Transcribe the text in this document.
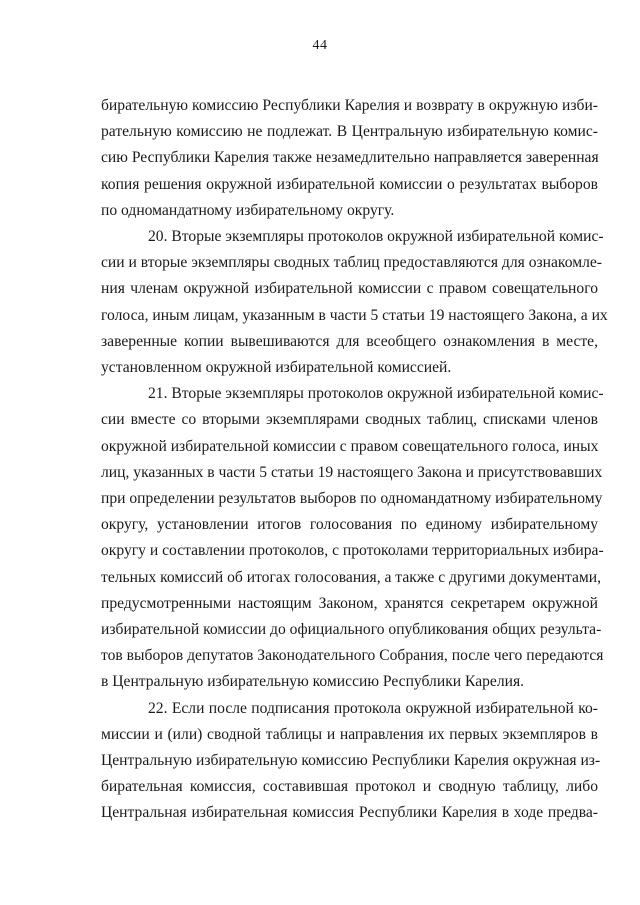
44
бирательную комиссию Республики Карелия и возврату в окружную изби-
рательную комиссию не подлежат. В Центральную избирательную комис-
сию Республики Карелия также незамедлительно направляется заверенная
копия решения окружной избирательной комиссии о результатах выборов
по одномандатному избирательному округу.
20. Вторые экземпляры протоколов окружной избирательной комис-
сии и вторые экземпляры сводных таблиц предоставляются для ознакомле-
ния членам окружной избирательной комиссии с правом совещательного
голоса, иным лицам, указанным в части 5 статьи 19 настоящего Закона, а их
заверенные копии вывешиваются для всеобщего ознакомления в месте,
установленном окружной избирательной комиссией.
21. Вторые экземпляры протоколов окружной избирательной комис-
сии вместе со вторыми экземплярами сводных таблиц, списками членов
окружной избирательной комиссии с правом совещательного голоса, иных
лиц, указанных в части 5 статьи 19 настоящего Закона и присутствовавших
при определении результатов выборов по одномандатному избирательному
округу, установлении итогов голосования по единому избирательному
округу и составлении протоколов, с протоколами территориальных избира-
тельных комиссий об итогах голосования, а также с другими документами,
предусмотренными настоящим Законом, хранятся секретарем окружной
избирательной комиссии до официального опубликования общих результа-
тов выборов депутатов Законодательного Собрания, после чего передаются
в Центральную избирательную комиссию Республики Карелия.
22. Если после подписания протокола окружной избирательной ко-
миссии и (или) сводной таблицы и направления их первых экземпляров в
Центральную избирательную комиссию Республики Карелия окружная из-
бирательная комиссия, составившая протокол и сводную таблицу, либо
Центральная избирательная комиссия Республики Карелия в ходе предва-
